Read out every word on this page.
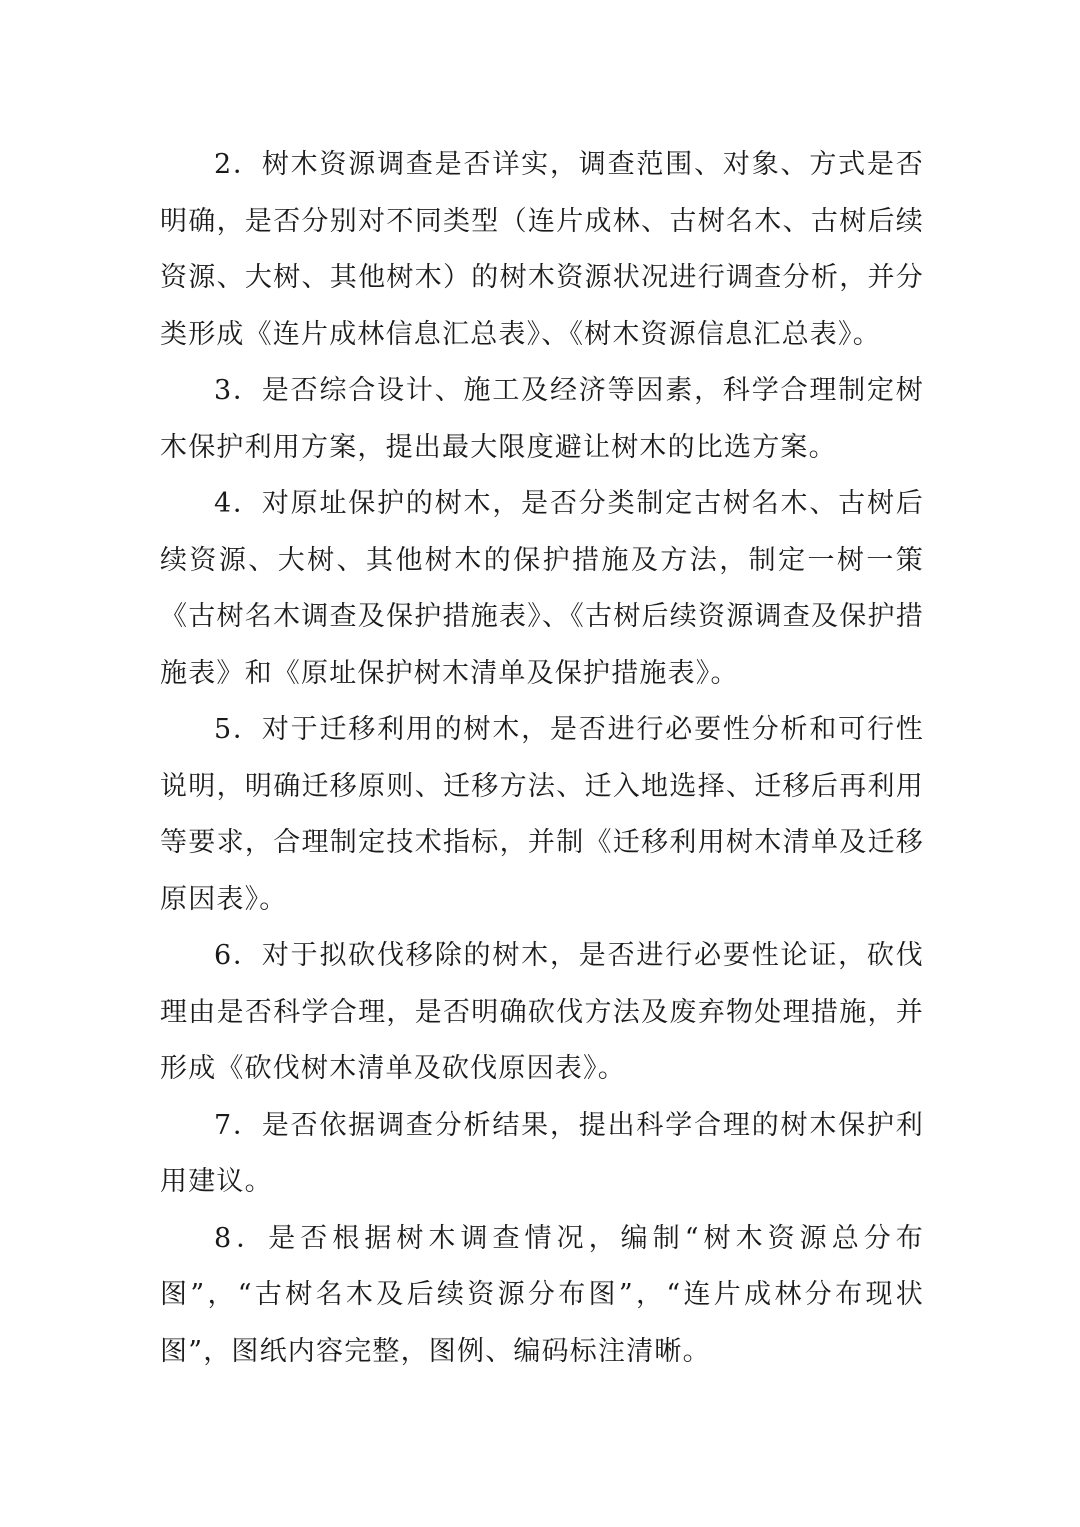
2．树木资源调查是否详实，调查范围、对象、方式是否明确，是否分别对不同类型（连片成林、古树名木、古树后续资源、大树、其他树木）的树木资源状况进行调查分析，并分类形成《连片成林信息汇总表》、《树木资源信息汇总表》。

3．是否综合设计、施工及经济等因素，科学合理制定树木保护利用方案，提出最大限度避让树木的比选方案。

4．对原址保护的树木，是否分类制定古树名木、古树后续资源、大树、其他树木的保护措施及方法，制定一树一策《古树名木调查及保护措施表》、《古树后续资源调查及保护措施表》和《原址保护树木清单及保护措施表》。

5．对于迁移利用的树木，是否进行必要性分析和可行性说明，明确迁移原则、迁移方法、迁入地选择、迁移后再利用等要求，合理制定技术指标，并制《迁移利用树木清单及迁移原因表》。

6．对于拟砍伐移除的树木，是否进行必要性论证，砍伐理由是否科学合理，是否明确砍伐方法及废弃物处理措施，并形成《砍伐树木清单及砍伐原因表》。

7．是否依据调查分析结果，提出科学合理的树木保护利用建议。

8．是否根据树木调查情况，编制“树木资源总分布图”，“古树名木及后续资源分布图”，“连片成林分布现状图”，图纸内容完整，图例、编码标注清晰。
